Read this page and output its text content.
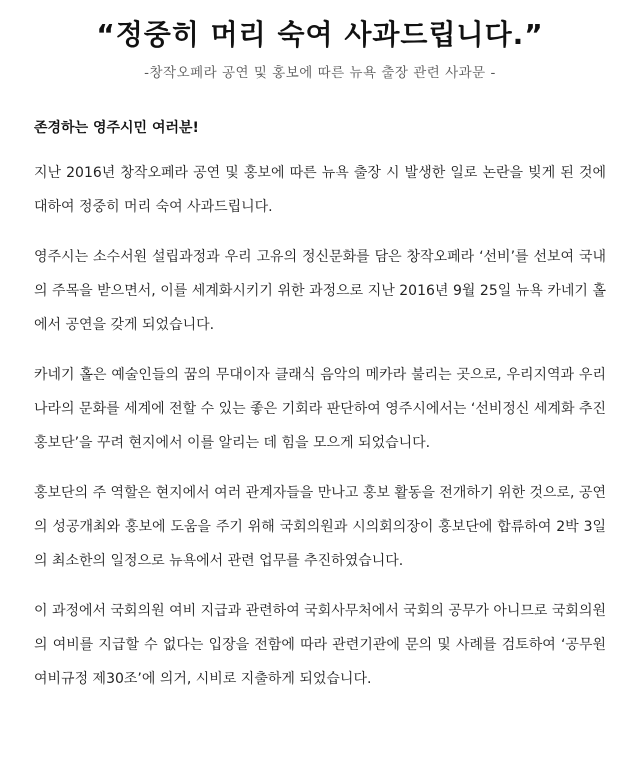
“정중히 머리 숙여 사과드립니다.”

-창작오페라 공연 및 홍보에 따른 뉴욕 출장 관련 사과문 -

존경하는 영주시민 여러분!

지난 2016년 창작오페라 공연 및 홍보에 따른 뉴욕 출장 시 발생한 일로 논란을 빚게 된 것에 대하여 정중히 머리 숙여 사과드립니다.

영주시는 소수서원 설립과정과 우리 고유의 정신문화를 담은 창작오페라 ‘선비’를 선보여 국내의 주목을 받으면서, 이를 세계화시키기 위한 과정으로 지난 2016년 9월 25일 뉴욕 카네기 홀에서 공연을 갖게 되었습니다.

카네기 홀은 예술인들의 꿈의 무대이자 클래식 음악의 메카라 불리는 곳으로, 우리지역과 우리나라의 문화를 세계에 전할 수 있는 좋은 기회라 판단하여 영주시에서는 ‘선비정신 세계화 추진 홍보단’을 꾸려 현지에서 이를 알리는 데 힘을 모으게 되었습니다.

홍보단의 주 역할은 현지에서 여러 관계자들을 만나고 홍보 활동을 전개하기 위한 것으로, 공연의 성공개최와 홍보에 도움을 주기 위해 국회의원과 시의회의장이 홍보단에 합류하여 2박 3일의 최소한의 일정으로 뉴욕에서 관련 업무를 추진하였습니다.

이 과정에서 국회의원 여비 지급과 관련하여 국회사무처에서 국회의 공무가 아니므로 국회의원의 여비를 지급할 수 없다는 입장을 전함에 따라 관련기관에 문의 및 사례를 검토하여 ‘공무원 여비규정 제30조’에 의거, 시비로 지출하게 되었습니다.
